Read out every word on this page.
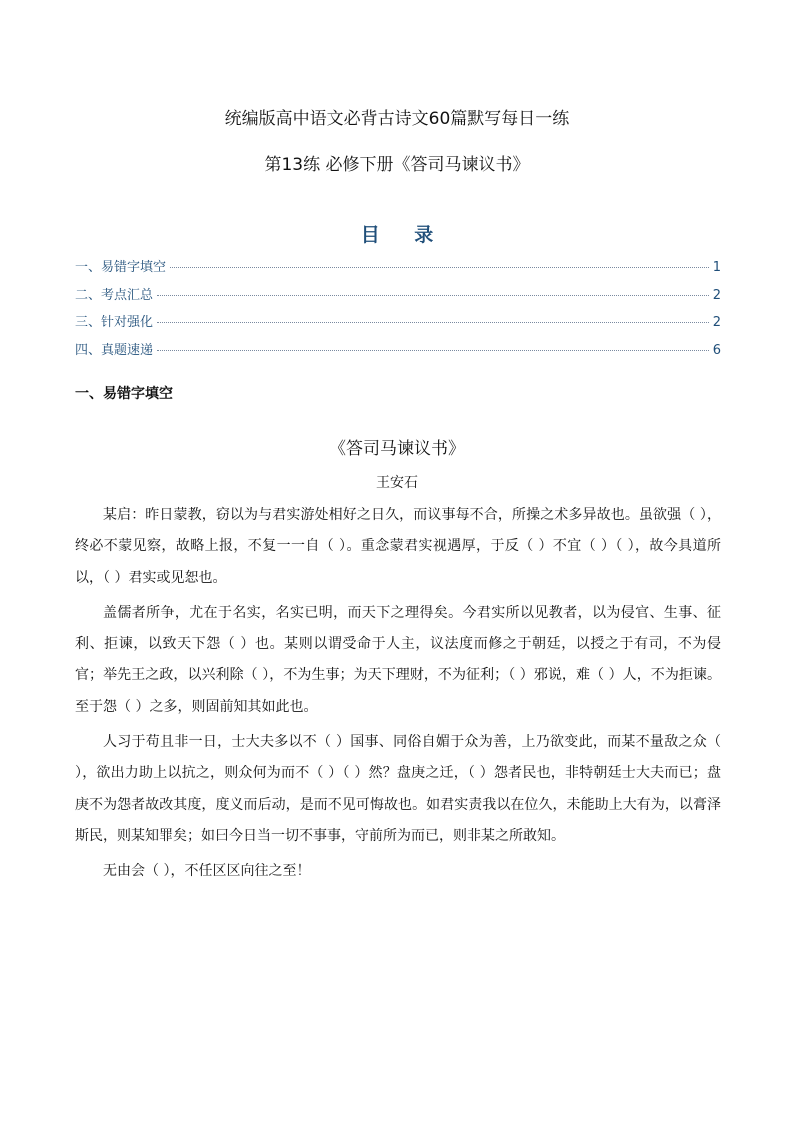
统编版高中语文必背古诗文60篇默写每日一练
第13练 必修下册《答司马谏议书》
目 录
一、易错字填空	1
二、考点汇总	2
三、针对强化	2
四、真题速递	6
一、易错字填空
《答司马谏议书》
王安石

某启：昨日蒙教，窃以为与君实游处相好之日久，而议事每不合，所操之术多异故也。虽欲强（ ），终必不蒙见察，故略上报，不复一一自（ ）。重念蒙君实视遇厚，于反（ ）不宜（ ）（ ），故今具道所以，（ ）君实或见恕也。

盖儒者所争，尤在于名实，名实已明，而天下之理得矣。今君实所以见教者，以为侵官、生事、征利、拒谏，以致天下怨（ ）也。某则以谓受命于人主，议法度而修之于朝廷，以授之于有司，不为侵官；举先王之政，以兴利除（ ），不为生事；为天下理财，不为征利；（ ）邪说，难（ ）人，不为拒谏。至于怨（ ）之多，则固前知其如此也。

人习于苟且非一日，士大夫多以不（ ）国事、同俗自媚于众为善，上乃欲变此，而某不量敌之众（ ），欲出力助上以抗之，则众何为而不（ ）（ ）然？盘庚之迁，（ ）怨者民也，非特朝廷士大夫而已；盘庚不为怨者故改其度，度义而后动，是而不见可悔故也。如君实责我以在位久，未能助上大有为，以膏泽斯民，则某知罪矣；如曰今日当一切不事事，守前所为而已，则非某之所敢知。

无由会（ ），不任区区向往之至！
